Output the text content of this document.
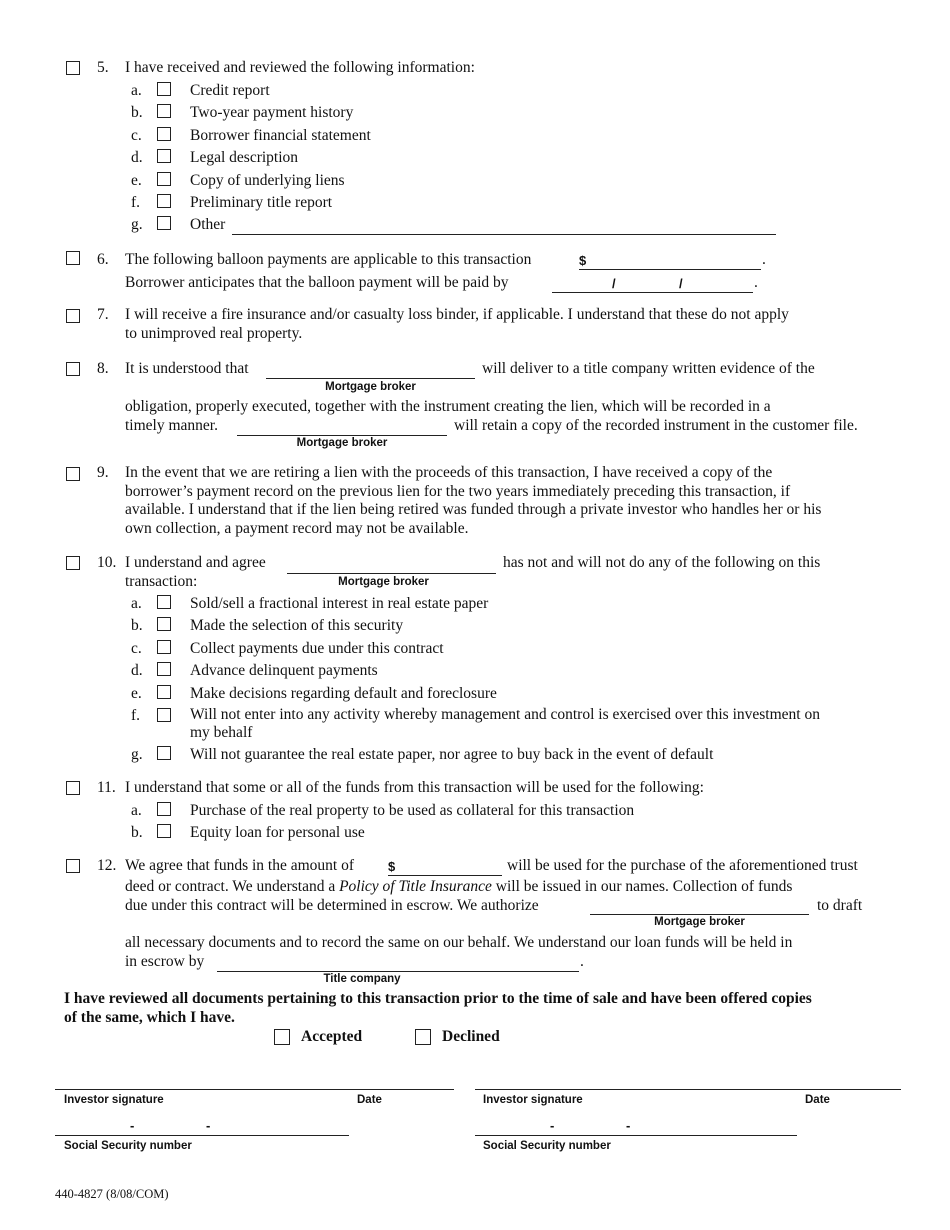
5. I have received and reviewed the following information:
a.	Credit report
b.	Two-year payment history
c.	Borrower financial statement
d.	Legal description
e.	Copy of underlying liens
f.	Preliminary title report
g.	Other
6. The following balloon payments are applicable to this transaction	$	.
Borrower anticipates that the balloon payment will be paid by	/	/	.
7. I will receive a fire insurance and/or casualty loss binder, if applicable. I understand that these do not apply
to unimproved real property.
8. It is understood that
Mortgage broker
will deliver to a title company written evidence of the
obligation, properly executed, together with the instrument creating the lien, which will be recorded in a
timely manner.
Mortgage broker
will retain a copy of the recorded instrument in the customer file.
9. In the event that we are retiring a lien with the proceeds of this transaction, I have received a copy of the
borrower’s payment record on the previous lien for the two years immediately preceding this transaction, if
available. I understand that if the lien being retired was funded through a private investor who handles her or his
own collection, a payment record may not be available.
10. I understand and agree
Mortgage broker
has not and will not do any of the following on this
transaction:
a.	Sold/sell a fractional interest in real estate paper
b.	Made the selection of this security
c.	Collect payments due under this contract
d.	Advance delinquent payments
e.	Make decisions regarding default and foreclosure
f.	Will not enter into any activity whereby management and control is exercised over this investment on
my behalf
g.	Will not guarantee the real estate paper, nor agree to buy back in the event of default
11. I understand that some or all of the funds from this transaction will be used for the following:
a.	Purchase of the real property to be used as collateral for this transaction
b.	Equity loan for personal use
12. We agree that funds in the amount of	$	will be used for the purchase of the aforementioned trust
deed or contract. We understand a Policy of Title Insurance will be issued in our names. Collection of funds
due under this contract will be determined in escrow. We authorize
Mortgage broker
to draft
all necessary documents and to record the same on our behalf. We understand our loan funds will be held in
in escrow by	.
Title company
I have reviewed all documents pertaining to this transaction prior to the time of sale and have been offered copies
of the same, which I have.
Accepted	Declined
Investor signature	Date
-	-
Social Security number
Investor signature	Date
-	-
Social Security number
440-4827 (8/08/COM)
